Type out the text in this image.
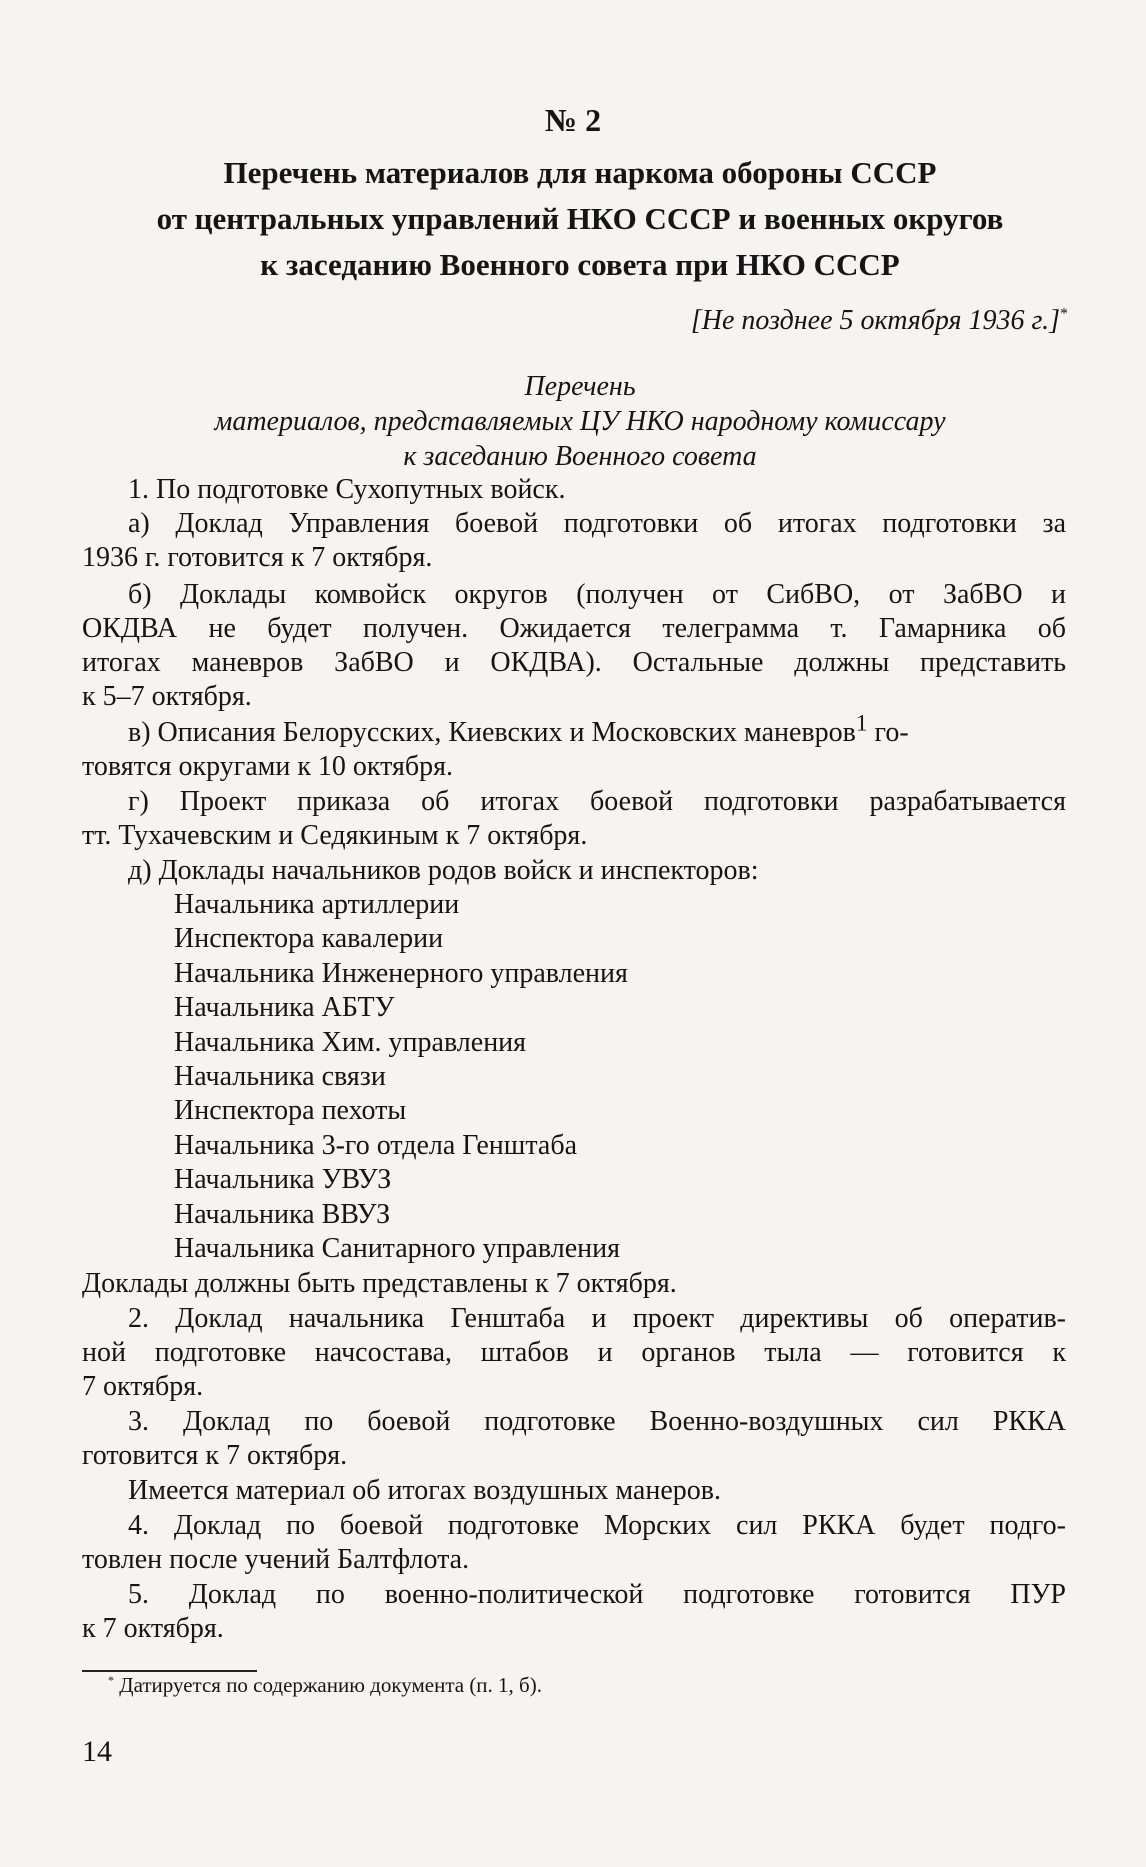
№ 2
Перечень материалов для наркома обороны СССР
от центральных управлений НКО СССР и военных округов
к заседанию Военного совета при НКО СССР
[Не позднее 5 октября 1936 г.]*
Перечень
материалов, представляемых ЦУ НКО народному комиссару
к заседанию Военного совета
1. По подготовке Сухопутных войск.
а) Доклад Управления боевой подготовки об итогах подготовки за
1936 г. готовится к 7 октября.
б) Доклады комвойск округов (получен от СибВО, от ЗабВО и
ОКДВА не будет получен. Ожидается телеграмма т. Гамарника об
итогах маневров ЗабВО и ОКДВА). Остальные должны представить
к 5–7 октября.
в) Описания Белорусских, Киевских и Московских маневров$^1$ го-
товятся округами к 10 октября.
г) Проект приказа об итогах боевой подготовки разрабатывается
тт. Тухачевским и Седякиным к 7 октября.
д) Доклады начальников родов войск и инспекторов:
Начальника артиллерии
Инспектора кавалерии
Начальника Инженерного управления
Начальника АБТУ
Начальника Хим. управления
Начальника связи
Инспектора пехоты
Начальника 3-го отдела Генштаба
Начальника УВУЗ
Начальника ВВУЗ
Начальника Санитарного управления
Доклады должны быть представлены к 7 октября.
2. Доклад начальника Генштаба и проект директивы об оператив-
ной подготовке начсостава, штабов и органов тыла — готовится к
7 октября.
3. Доклад по боевой подготовке Военно-воздушных сил РККА
готовится к 7 октября.
Имеется материал об итогах воздушных манеров.
4. Доклад по боевой подготовке Морских сил РККА будет подго-
товлен после учений Балтфлота.
5. Доклад по военно-политической подготовке готовится ПУР
к 7 октября.
* Датируется по содержанию документа (п. 1, б).
14
